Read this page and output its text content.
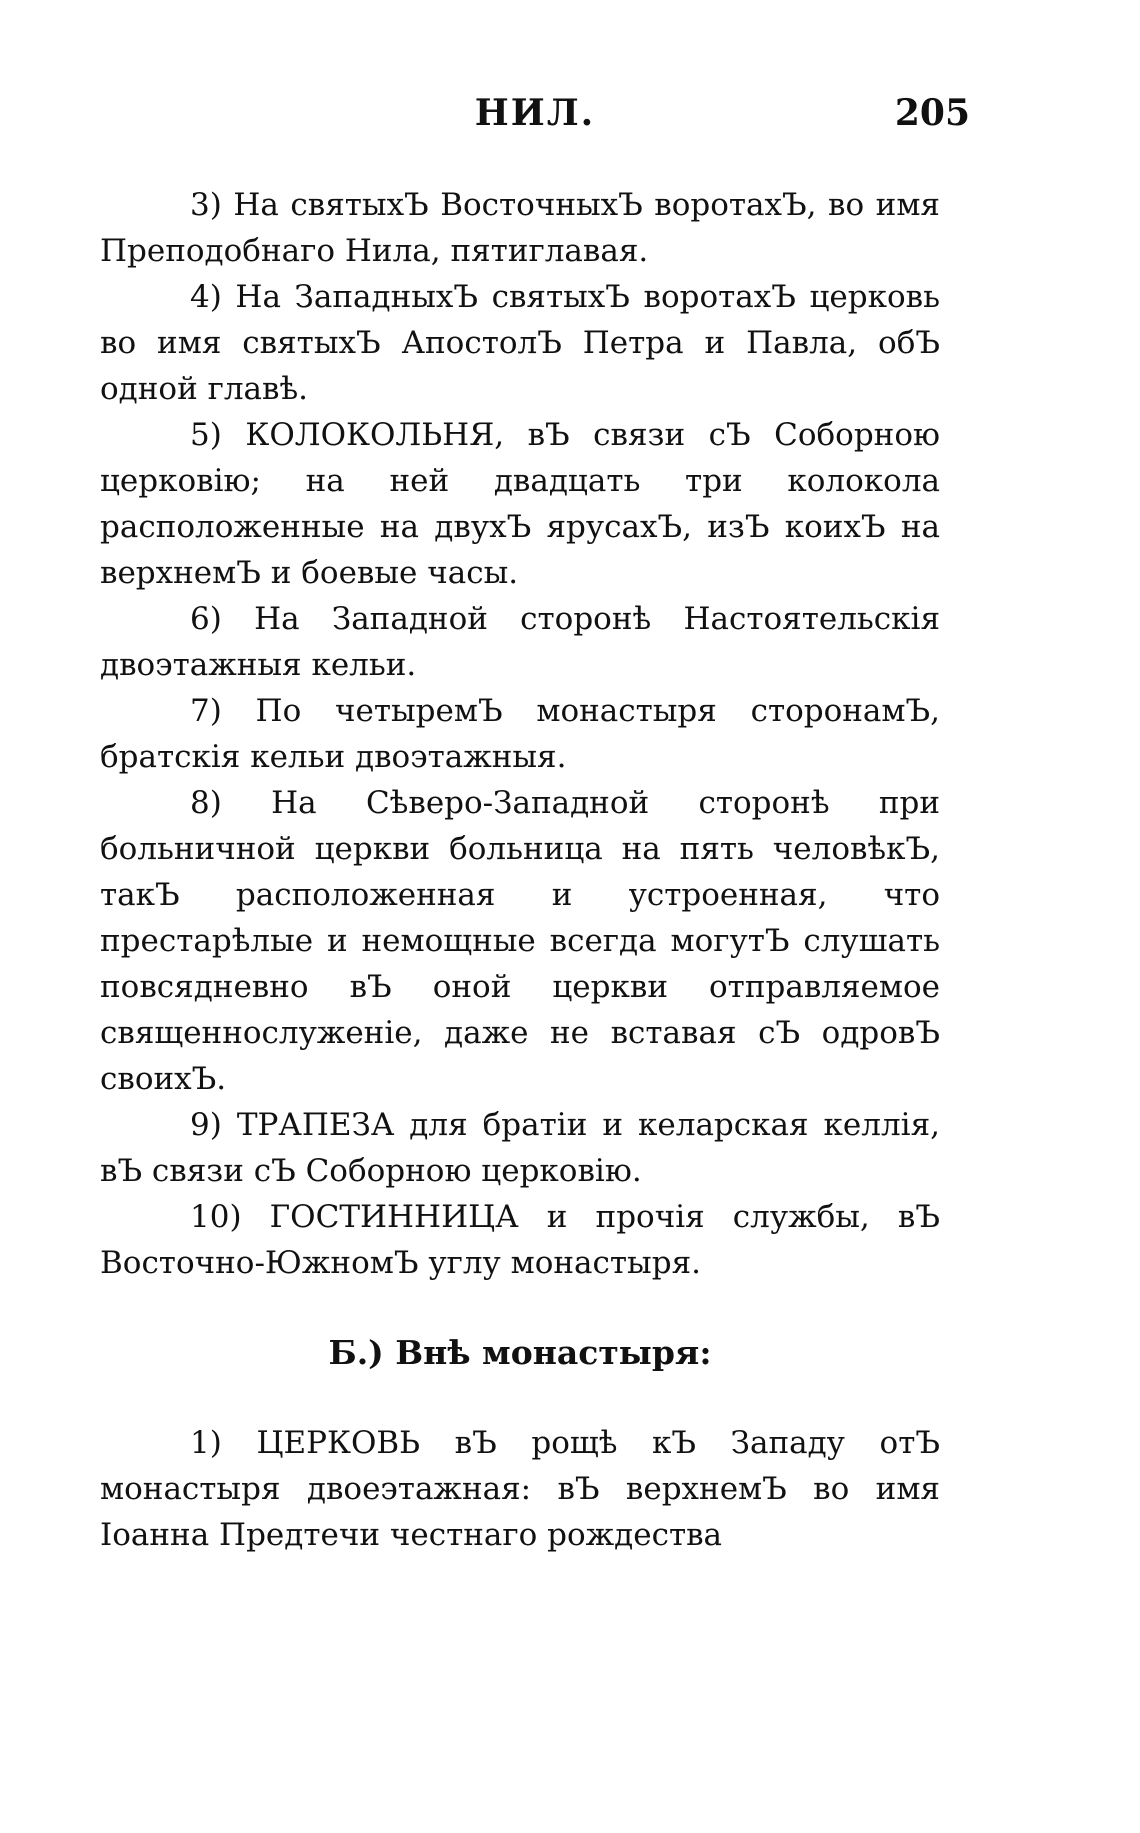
НИЛ.	205

3) На святыхЪ ВосточныхЪ воротахЪ, во имя Преподобнаго Нила, пятиглавая.

4) На ЗападныхЪ святыхЪ воротахЪ церковь во имя святыхЪ АпостолЪ Петра и Павла, обЪ одной главѣ.

5) КОЛОКОЛЬНЯ, вЪ связи сЪ Соборною церковію; на ней двадцать три колокола расположенные на двухЪ ярусахЪ, изЪ коихЪ на верхнемЪ и боевые часы.

6) На Западной сторонѣ Настоятельскія двоэтажныя кельи.

7) По четыремЪ монастыря сторонамЪ, братскія кельи двоэтажныя.

8) На Сѣверо-Западной сторонѣ при больничной церкви больница на пять человѣкЪ, такЪ расположенная и устроенная, что престарѣлые и немощные всегда могутЪ слушать повсядневно вЪ оной церкви отправляемое священнослуженіе, даже не вставая сЪ одровЪ своихЪ.

9) ТРАПЕЗА для братіи и келарская келлія, вЪ связи сЪ Соборною церковію.

10) ГОСТИННИЦА и прочія службы, вЪ Восточно-ЮжномЪ углу монастыря.

Б.) Внѣ монастыря:

1) ЦЕРКОВЬ вЪ рощѣ кЪ Западу отЪ монастыря двоеэтажная: вЪ верхнемЪ во имя Іоанна Предтечи честнаго рождества
